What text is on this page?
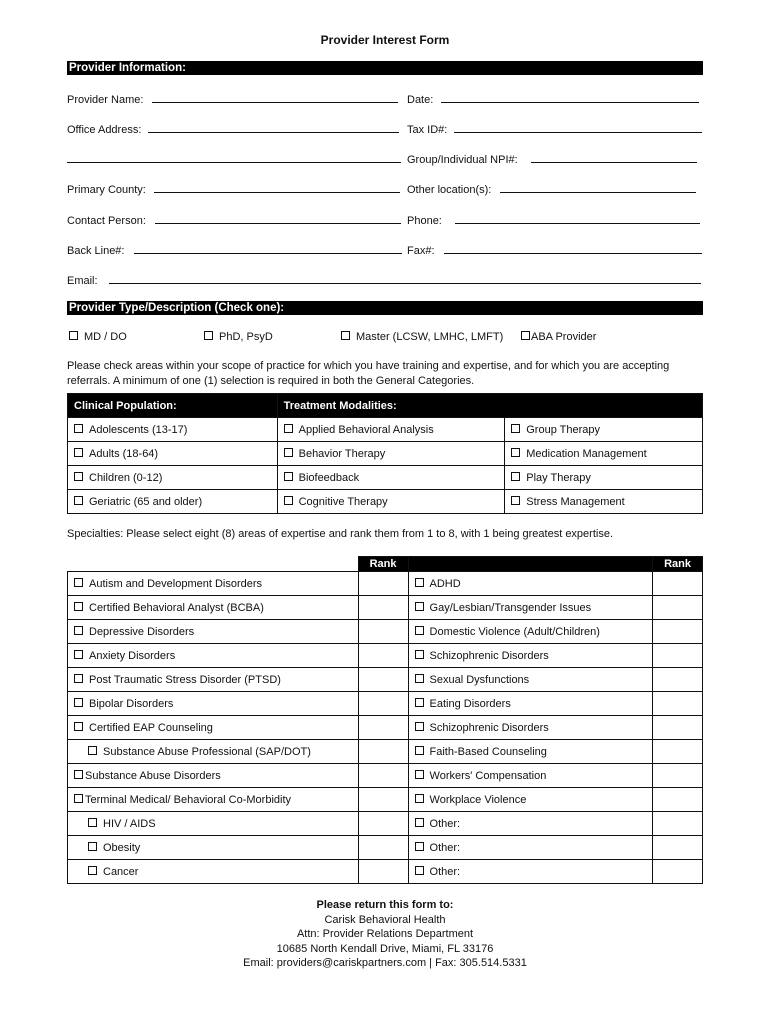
Provider Interest Form
Provider Information:
Provider Name:	Date:
Office Address:	Tax ID#:
Group/Individual NPI#:
Primary County:	Other location(s):
Contact Person:	Phone:
Back Line#:	Fax#:
Email:
Provider Type/Description (Check one):
MD / DO	PhD, PsyD	Master (LCSW, LMHC, LMFT)	ABA Provider
Please check areas within your scope of practice for which you have training and expertise, and for which you are accepting referrals. A minimum of one (1) selection is required in both the General Categories.
Clinical Population:	Treatment Modalities:	
Adolescents (13-17)	Applied Behavioral Analysis	Group Therapy
Adults (18-64)	Behavior Therapy	Medication Management
Children (0-12)	Biofeedback	Play Therapy
Geriatric (65 and older)	Cognitive Therapy	Stress Management
Specialties: Please select eight (8) areas of expertise and rank them from 1 to 8, with 1 being greatest expertise.
	Rank		Rank
Autism and Development Disorders		ADHD	
Certified Behavioral Analyst (BCBA)		Gay/Lesbian/Transgender Issues	
Depressive Disorders		Domestic Violence (Adult/Children)	
Anxiety Disorders		Schizophrenic Disorders	
Post Traumatic Stress Disorder (PTSD)		Sexual Dysfunctions	
Bipolar Disorders		Eating Disorders	
Certified EAP Counseling		Schizophrenic Disorders	
Substance Abuse Professional (SAP/DOT)		Faith-Based Counseling	
Substance Abuse Disorders		Workers' Compensation	
Terminal Medical/ Behavioral Co-Morbidity		Workplace Violence	
HIV / AIDS		Other:	
Obesity		Other:	
Cancer		Other:	
Please return this form to:
Carisk Behavioral Health
Attn: Provider Relations Department
10685 North Kendall Drive, Miami, FL 33176
Email: providers@cariskpartners.com | Fax: 305.514.5331
